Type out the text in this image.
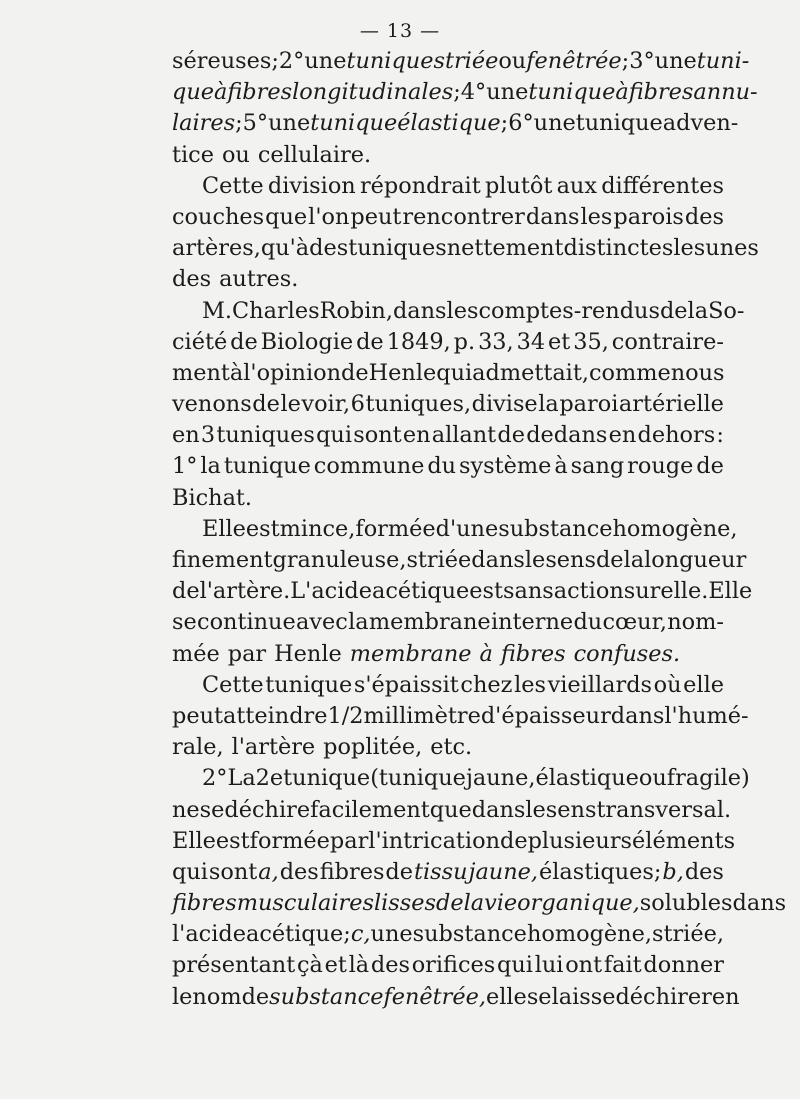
— 13 —
séreuses ; 2° une tunique striée ou fenêtrée ; 3° une tuni-
que à fibres longitudinales ; 4° une tunique à fibres annu-
laires ; 5° une tunique élastique ; 6° une tunique adven-
tice ou cellulaire.
Cette division répondrait plutôt aux différentes
couches que l'on peut rencontrer dans les parois des
artères, qu'à des tuniques nettement distinctes les unes
des autres.
M. Charles Robin, dans les comptes-rendus de la So-
ciété de Biologie de 1849, p. 33, 34 et 35, contraire-
ment à l'opinion de Henle qui admettait, comme nous
venons de le voir, 6 tuniques, divise la paroi artérielle
en 3 tuniques qui sont en allant de dedans en dehors :
1° la tunique commune du système à sang rouge de
Bichat.
Elle est mince, formée d'une substance homogène,
finement granuleuse, striée dans le sens de la longueur
de l'artère. L'acide acétique est sans action sur elle. Elle
se continue avec la membrane interne du cœur, nom-
mée par Henle membrane à fibres confuses.
Cette tunique s'épaissit chez les vieillards où elle
peut atteindre 1/2 millimètre d'épaisseur dans l'humé-
rale, l'artère poplitée, etc.
2° La 2e tunique (tunique jaune, élastique ou fragile)
ne se déchire facilement que dans le sens transversal.
Elle est formée par l'intrication de plusieurs éléments
qui sont a, des fibres de tissu jaune, élastiques; b, des
fibres musculaires lisses de la vie organique, solubles dans
l'acide acétique; c, une substance homogène, striée,
présentant çà et là des orifices qui lui ont fait donner
le nom de substance fenêtrée, elle se laisse déchirer en
